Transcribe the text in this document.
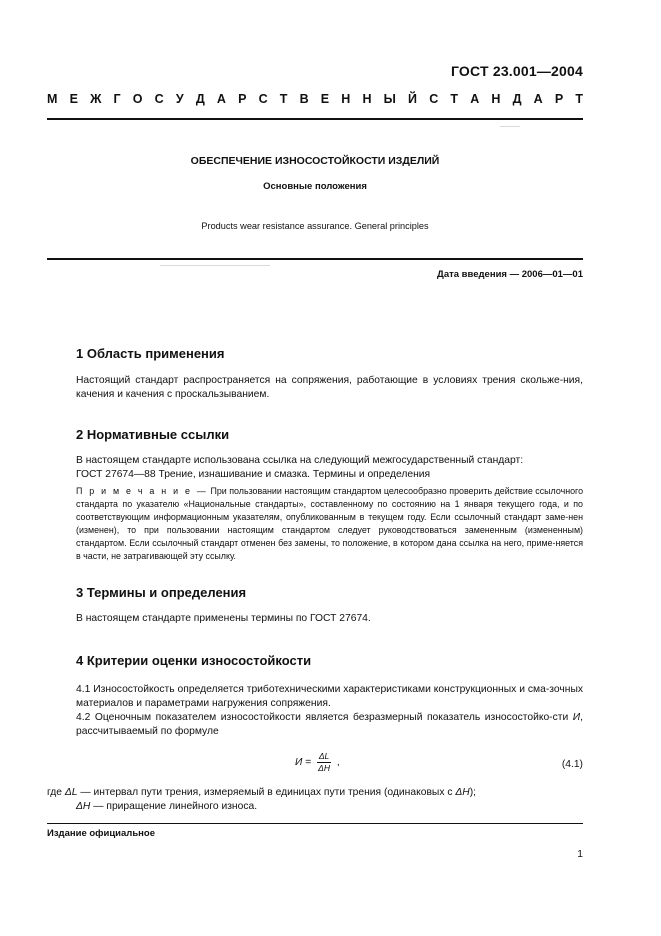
ГОСТ 23.001—2004
М Е Ж Г О С У Д А Р С Т В Е Н Н Ы Й С Т А Н Д А Р Т
ОБЕСПЕЧЕНИЕ ИЗНОСОСТОЙКОСТИ ИЗДЕЛИЙ
Основные положения
Products wear resistance assurance. General principles
Дата введения — 2006—01—01
1 Область применения
Настоящий стандарт распространяется на сопряжения, работающие в условиях трения скольже-ния, качения и качения с проскальзыванием.
2 Нормативные ссылки
В настоящем стандарте использована ссылка на следующий межгосударственный стандарт:
ГОСТ 27674—88 Трение, изнашивание и смазка. Термины и определения
П р и м е ч а н и е — При пользовании настоящим стандартом целесообразно проверить действие ссылочного стандарта по указателю «Национальные стандарты», составленному по состоянию на 1 января текущего года, и по соответствующим информационным указателям, опубликованным в текущем году. Если ссылочный стандарт заме-нен (изменен), то при пользовании настоящим стандартом следует руководствоваться замененным (измененным) стандартом. Если ссылочный стандарт отменен без замены, то положение, в котором дана ссылка на него, приме-няется в части, не затрагивающей эту ссылку.
3 Термины и определения
В настоящем стандарте применены термины по ГОСТ 27674.
4 Критерии оценки износостойкости
4.1 Износостойкость определяется триботехническими характеристиками конструкционных и сма-зочных материалов и параметрами нагружения сопряжения.
4.2 Оценочным показателем износостойкости является безразмерный показатель износостойко-сти И, рассчитываемый по формуле
$И = \frac{\Delta L}{\Delta H}$ ,	(4.1)
где ΔL — интервал пути трения, измеряемый в единицах пути трения (одинаковых с ΔH);
ΔH — приращение линейного износа.
Издание официальное
1
